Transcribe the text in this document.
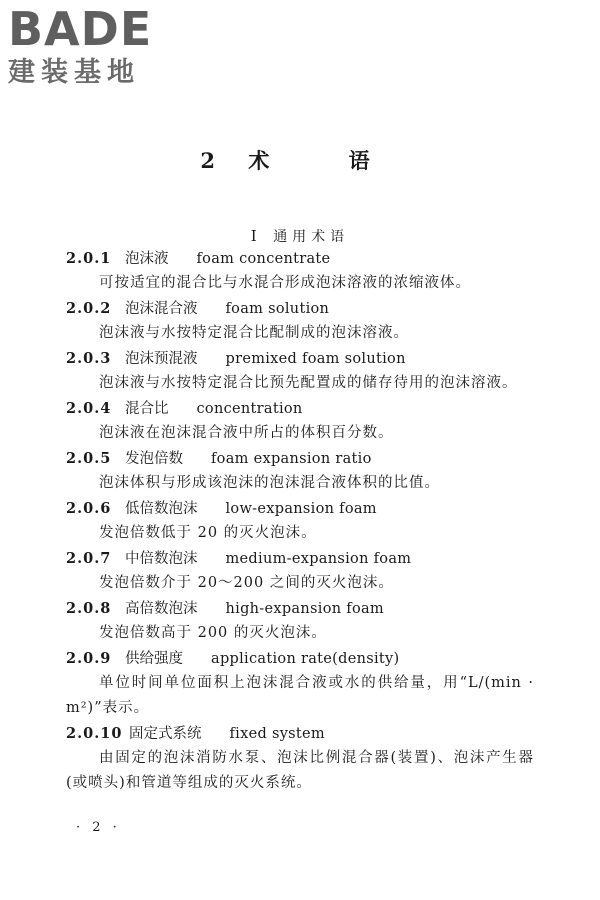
BADE
建装基地
2 术 语
I 通用术语
2.0.1 泡沫液 foam concentrate
可按适宜的混合比与水混合形成泡沫溶液的浓缩液体。
2.0.2 泡沫混合液 foam solution
泡沫液与水按特定混合比配制成的泡沫溶液。
2.0.3 泡沫预混液 premixed foam solution
泡沫液与水按特定混合比预先配置成的储存待用的泡沫溶液。
2.0.4 混合比 concentration
泡沫液在泡沫混合液中所占的体积百分数。
2.0.5 发泡倍数 foam expansion ratio
泡沫体积与形成该泡沫的泡沫混合液体积的比值。
2.0.6 低倍数泡沫 low-expansion foam
发泡倍数低于 20 的灭火泡沫。
2.0.7 中倍数泡沫 medium-expansion foam
发泡倍数介于 20～200 之间的灭火泡沫。
2.0.8 高倍数泡沫 high-expansion foam
发泡倍数高于 200 的灭火泡沫。
2.0.9 供给强度 application rate(density)
单位时间单位面积上泡沫混合液或水的供给量，用“L/(min · m²)”表示。
2.0.10 固定式系统 fixed system
由固定的泡沫消防水泵、泡沫比例混合器(装置)、泡沫产生器(或喷头)和管道等组成的灭火系统。
· 2 ·
